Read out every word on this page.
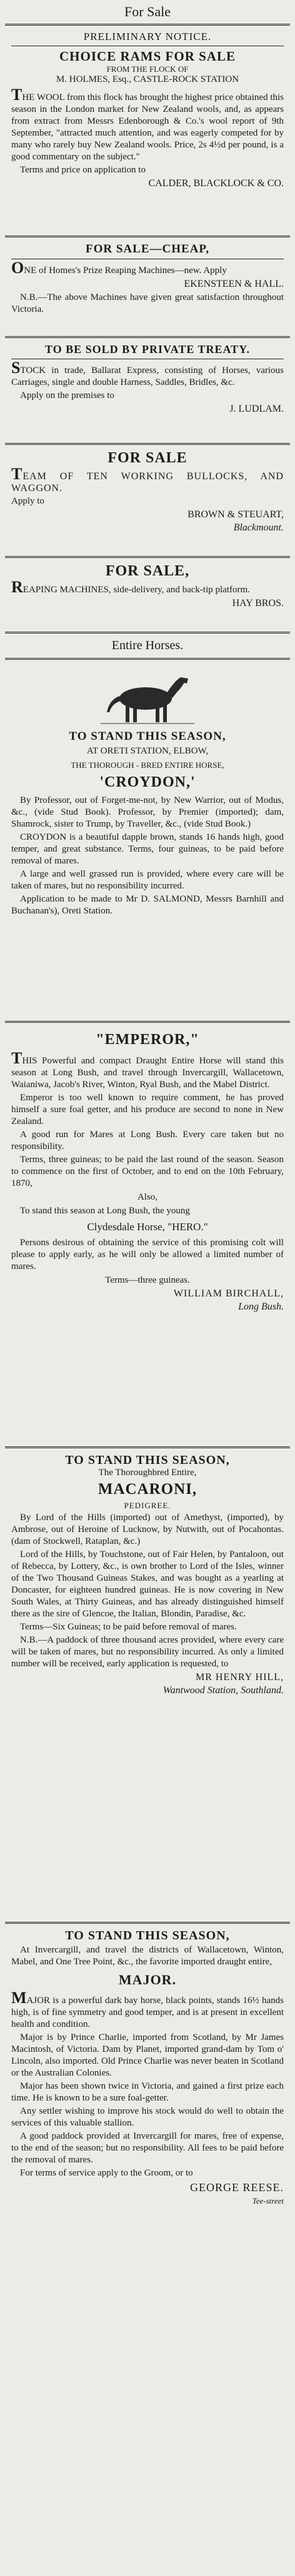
For Sale
PRELIMINARY NOTICE.
CHOICE RAMS FOR SALE
FROM THE FLOCK OF
M. HOLMES, Esq., CASTLE-ROCK STATION
THE WOOL from this flock has brought the highest price obtained this season in the London market for New Zealand wools, and, as appears from extract from Messrs Edenborough & Co.'s wool report of 9th September, "attracted much attention, and was eagerly competed for by many who rarely buy New Zealand wools. Price, 2s 4½d per pound, is a good commentary on the subject."
Terms and price on application to
CALDER, BLACKLOCK & CO.
FOR SALE—CHEAP,
ONE of Homes's Prize Reaping Machines—new. Apply
EKENSTEEN & HALL.
N.B.—The above Machines have given great satisfaction throughout Victoria.
TO BE SOLD BY PRIVATE TREATY.
STOCK in trade, Ballarat Express, consisting of Horses, various Carriages, single and double Harness, Saddles, Bridles, &c.
Apply on the premises to
J. LUDLAM.
FOR SALE
TEAM OF TEN WORKING BULLOCKS, AND WAGGON.
Apply to
BROWN & STEUART,
Blackmount.
FOR SALE,
REAPING MACHINES, side-delivery, and back-tip platform.
HAY BROS.
Entire Horses.
TO STAND THIS SEASON,
AT ORETI STATION, ELBOW,
THE THOROUGH - BRED ENTIRE HORSE,
'CROYDON,'
By Professor, out of Forget-me-not, by New Warrior, out of Modus, &c., (vide Stud Book). Professor, by Premier (imported); dam, Shamrock, sister to Trump, by Traveller, &c., (vide Stud Book.)
CROYDON is a beautiful dapple brown, stands 16 hands high, good temper, and great substance. Terms, four guineas, to be paid before removal of mares.
A large and well grassed run is provided, where every care will be taken of mares, but no responsibility incurred.
Application to be made to Mr D. SALMOND, Messrs Barnhill and Buchanan's), Oreti Station.
"EMPEROR,"
THIS Powerful and compact Draught Entire Horse will stand this season at Long Bush, and travel through Invercargill, Wallacetown, Waianiwa, Jacob's River, Winton, Ryal Bush, and the Mabel District.
Emperor is too well known to require comment, he has proved himself a sure foal getter, and his produce are second to none in New Zealand.
A good run for Mares at Long Bush. Every care taken but no responsibility.
Terms, three guineas; to be paid the last round of the season. Season to commence on the first of October, and to end on the 10th February, 1870,
Also,
To stand this season at Long Bush, the young
Clydesdale Horse, "HERO."
Persons desirous of obtaining the service of this promising colt will please to apply early, as he will only be allowed a limited number of mares.
Terms—three guineas.
WILLIAM BIRCHALL,
Long Bush.
TO STAND THIS SEASON,
The Thoroughbred Entire,
MACARONI,
PEDIGREE.
By Lord of the Hills (imported) out of Amethyst, (imported), by Ambrose, out of Heroine of Lucknow, by Nutwith, out of Pocahontas. (dam of Stockwell, Rataplan, &c.)
Lord of the Hills, by Touchstone, out of Fair Helen, by Pantaloon, out of Rebecca, by Lottery, &c., is own brother to Lord of the Isles, winner of the Two Thousand Guineas Stakes, and was bought as a yearling at Doncaster, for eighteen hundred guineas. He is now covering in New South Wales, at Thirty Guineas, and has already distinguished himself there as the sire of Glencoe, the Italian, Blondin, Paradise, &c.
Terms—Six Guineas; to be paid before removal of mares.
N.B.—A paddock of three thousand acres provided, where every care will be taken of mares, but no responsibility incurred. As only a limited number will be received, early application is requested, to
MR HENRY HILL,
Wantwood Station, Southland.
TO STAND THIS SEASON,
At Invercargill, and travel the districts of Wallacetown, Winton, Mabel, and One Tree Point, &c., the favorite imported draught entire,
MAJOR.
MAJOR is a powerful dark bay horse, black points, stands 16½ hands high, is of fine symmetry and good temper, and is at present in excellent health and condition.
Major is by Prince Charlie, imported from Scotland, by Mr James Macintosh, of Victoria. Dam by Planet, imported grand-dam by Tom o' Lincoln, also imported. Old Prince Charlie was never beaten in Scotland or the Australian Colonies.
Major has been shown twice in Victoria, and gained a first prize each time. He is known to be a sure foal-getter.
Any settler wishing to improve his stock would do well to obtain the services of this valuable stallion.
A good paddock provided at Invercargill for mares, free of expense, to the end of the season; but no responsibility. All fees to be paid before the removal of mares.
For terms of service apply to the Groom, or to
GEORGE REESE.
Tee-street
